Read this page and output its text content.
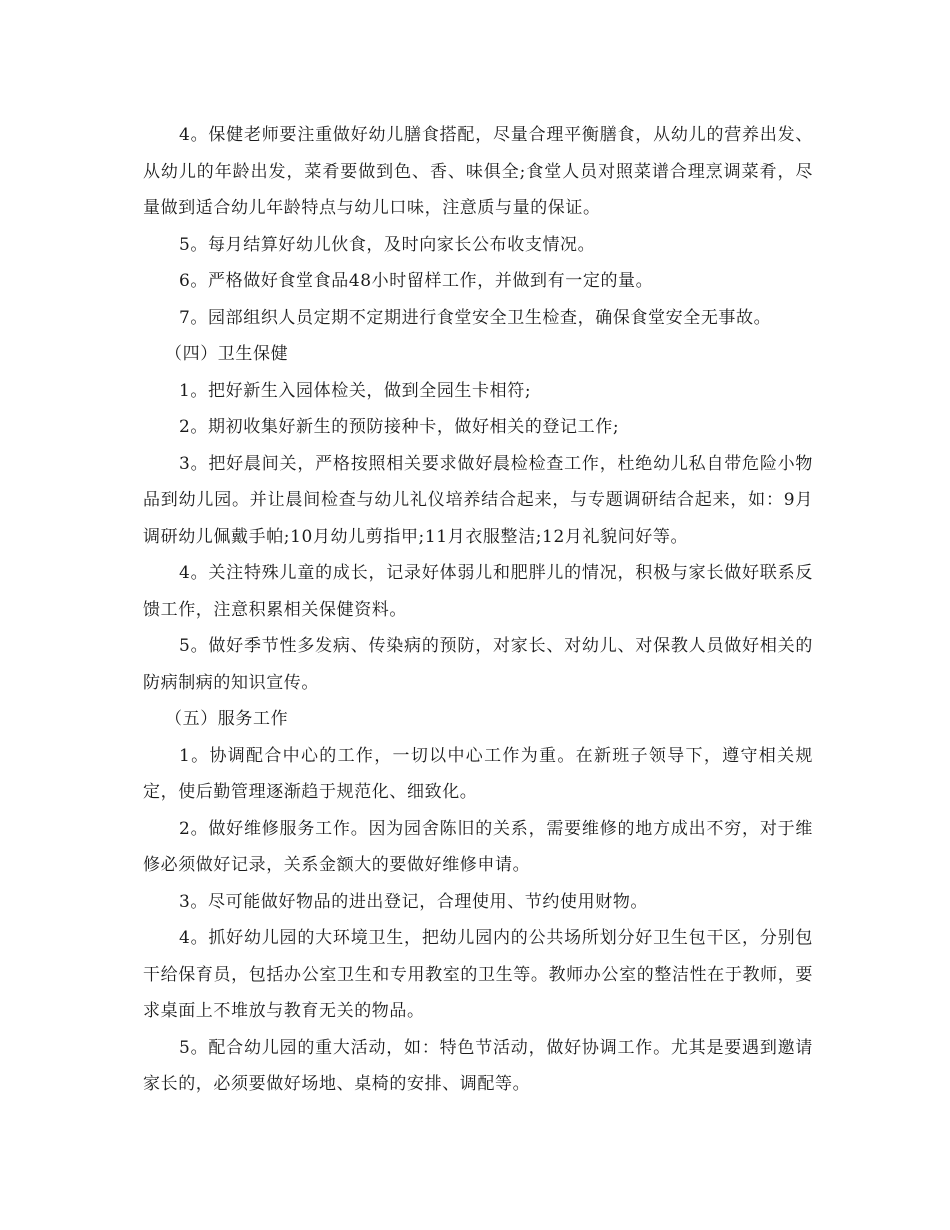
4。保健老师要注重做好幼儿膳食搭配，尽量合理平衡膳食，从幼儿的营养出发、从幼儿的年龄出发，菜肴要做到色、香、味俱全;食堂人员对照菜谱合理烹调菜肴，尽量做到适合幼儿年龄特点与幼儿口味，注意质与量的保证。

5。每月结算好幼儿伙食，及时向家长公布收支情况。

6。严格做好食堂食品48小时留样工作，并做到有一定的量。

7。园部组织人员定期不定期进行食堂安全卫生检查，确保食堂安全无事故。

（四）卫生保健

1。把好新生入园体检关，做到全园生卡相符;

2。期初收集好新生的预防接种卡，做好相关的登记工作;

3。把好晨间关，严格按照相关要求做好晨检检查工作，杜绝幼儿私自带危险小物品到幼儿园。并让晨间检查与幼儿礼仪培养结合起来，与专题调研结合起来，如：9月调研幼儿佩戴手帕;10月幼儿剪指甲;11月衣服整洁;12月礼貌问好等。

4。关注特殊儿童的成长，记录好体弱儿和肥胖儿的情况，积极与家长做好联系反馈工作，注意积累相关保健资料。

5。做好季节性多发病、传染病的预防，对家长、对幼儿、对保教人员做好相关的防病制病的知识宣传。

（五）服务工作

1。协调配合中心的工作，一切以中心工作为重。在新班子领导下，遵守相关规定，使后勤管理逐渐趋于规范化、细致化。

2。做好维修服务工作。因为园舍陈旧的关系，需要维修的地方成出不穷，对于维修必须做好记录，关系金额大的要做好维修申请。

3。尽可能做好物品的进出登记，合理使用、节约使用财物。

4。抓好幼儿园的大环境卫生，把幼儿园内的公共场所划分好卫生包干区，分别包干给保育员，包括办公室卫生和专用教室的卫生等。教师办公室的整洁性在于教师，要求桌面上不堆放与教育无关的物品。

5。配合幼儿园的重大活动，如：特色节活动，做好协调工作。尤其是要遇到邀请家长的，必须要做好场地、桌椅的安排、调配等。
